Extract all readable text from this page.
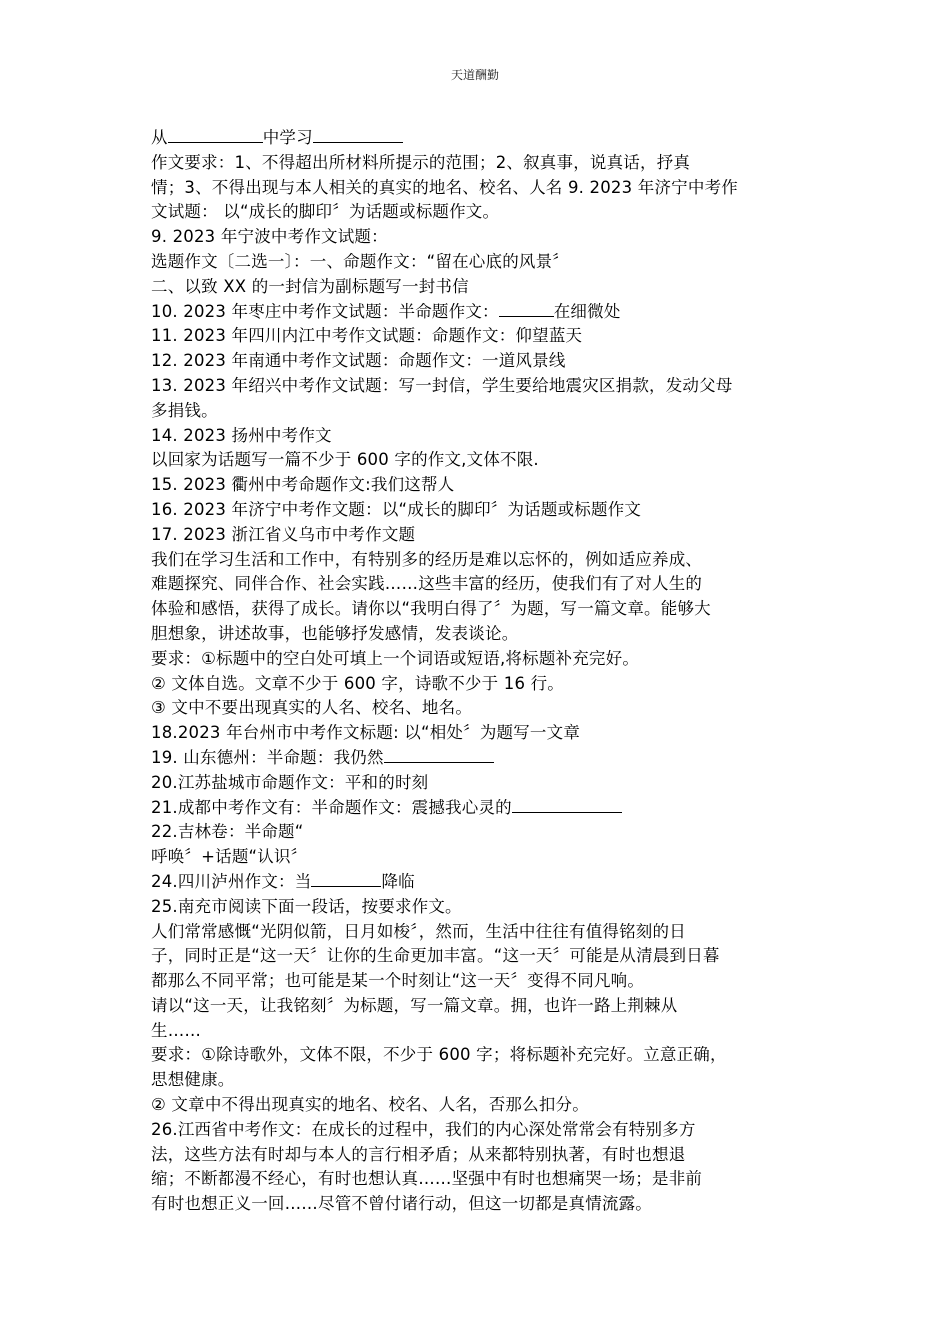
天道酬勤
从	中学习
作文要求：1、不得超出所材料所提示的范围；2、叙真事，说真话，抒真
情；3、不得出现与本人相关的真实的地名、校名、人名 9. 2023 年济宁中考作
文试题： 以“成长的脚印〞为话题或标题作文。
9. 2023 年宁波中考作文试题：
选题作文〔二选一〕：一、命题作文：“留在心底的风景〞
二、以致 XX 的一封信为副标题写一封书信
10. 2023 年枣庄中考作文试题：半命题作文：	在细微处
11. 2023 年四川内江中考作文试题：命题作文：仰望蓝天
12. 2023 年南通中考作文试题：命题作文：一道风景线
13. 2023 年绍兴中考作文试题：写一封信，学生要给地震灾区捐款，发动父母
多捐钱。
14. 2023 扬州中考作文
以回家为话题写一篇不少于 600 字的作文,文体不限.
15. 2023 衢州中考命题作文:我们这帮人
16. 2023 年济宁中考作文题：以“成长的脚印〞为话题或标题作文
17. 2023 浙江省义乌市中考作文题
我们在学习生活和工作中，有特别多的经历是难以忘怀的，例如适应养成、
难题探究、同伴合作、社会实践……这些丰富的经历，使我们有了对人生的
体验和感悟，获得了成长。请你以“我明白得了〞为题，写一篇文章。能够大
胆想象，讲述故事，也能够抒发感情，发表谈论。
要求：①标题中的空白处可填上一个词语或短语,将标题补充完好。
② 文体自选。文章不少于 600 字，诗歌不少于 16 行。
③ 文中不要出现真实的人名、校名、地名。
18.2023 年台州市中考作文标题: 以“相处〞为题写一文章
19. 山东德州：半命题：我仍然
20.江苏盐城市命题作文：平和的时刻
21.成都中考作文有：半命题作文：震撼我心灵的
22.吉林卷：半命题“
呼唤〞+话题“认识〞
24.四川泸州作文：当	降临
25.南充市阅读下面一段话，按要求作文。
人们常常感慨“光阴似箭，日月如梭〞，然而，生活中往往有值得铭刻的日
子，同时正是“这一天〞让你的生命更加丰富。“这一天〞可能是从清晨到日暮
都那么不同平常；也可能是某一个时刻让“这一天〞变得不同凡响。
请以“这一天，让我铭刻〞为标题，写一篇文章。拥，也许一路上荆棘从
生……
要求：①除诗歌外，文体不限，不少于 600 字；将标题补充完好。立意正确，
思想健康。
② 文章中不得出现真实的地名、校名、人名，否那么扣分。
26.江西省中考作文：在成长的过程中，我们的内心深处常常会有特别多方
法，这些方法有时却与本人的言行相矛盾；从来都特别执著，有时也想退
缩；不断都漫不经心，有时也想认真……坚强中有时也想痛哭一场；是非前
有时也想正义一回……尽管不曾付诸行动，但这一切都是真情流露。
